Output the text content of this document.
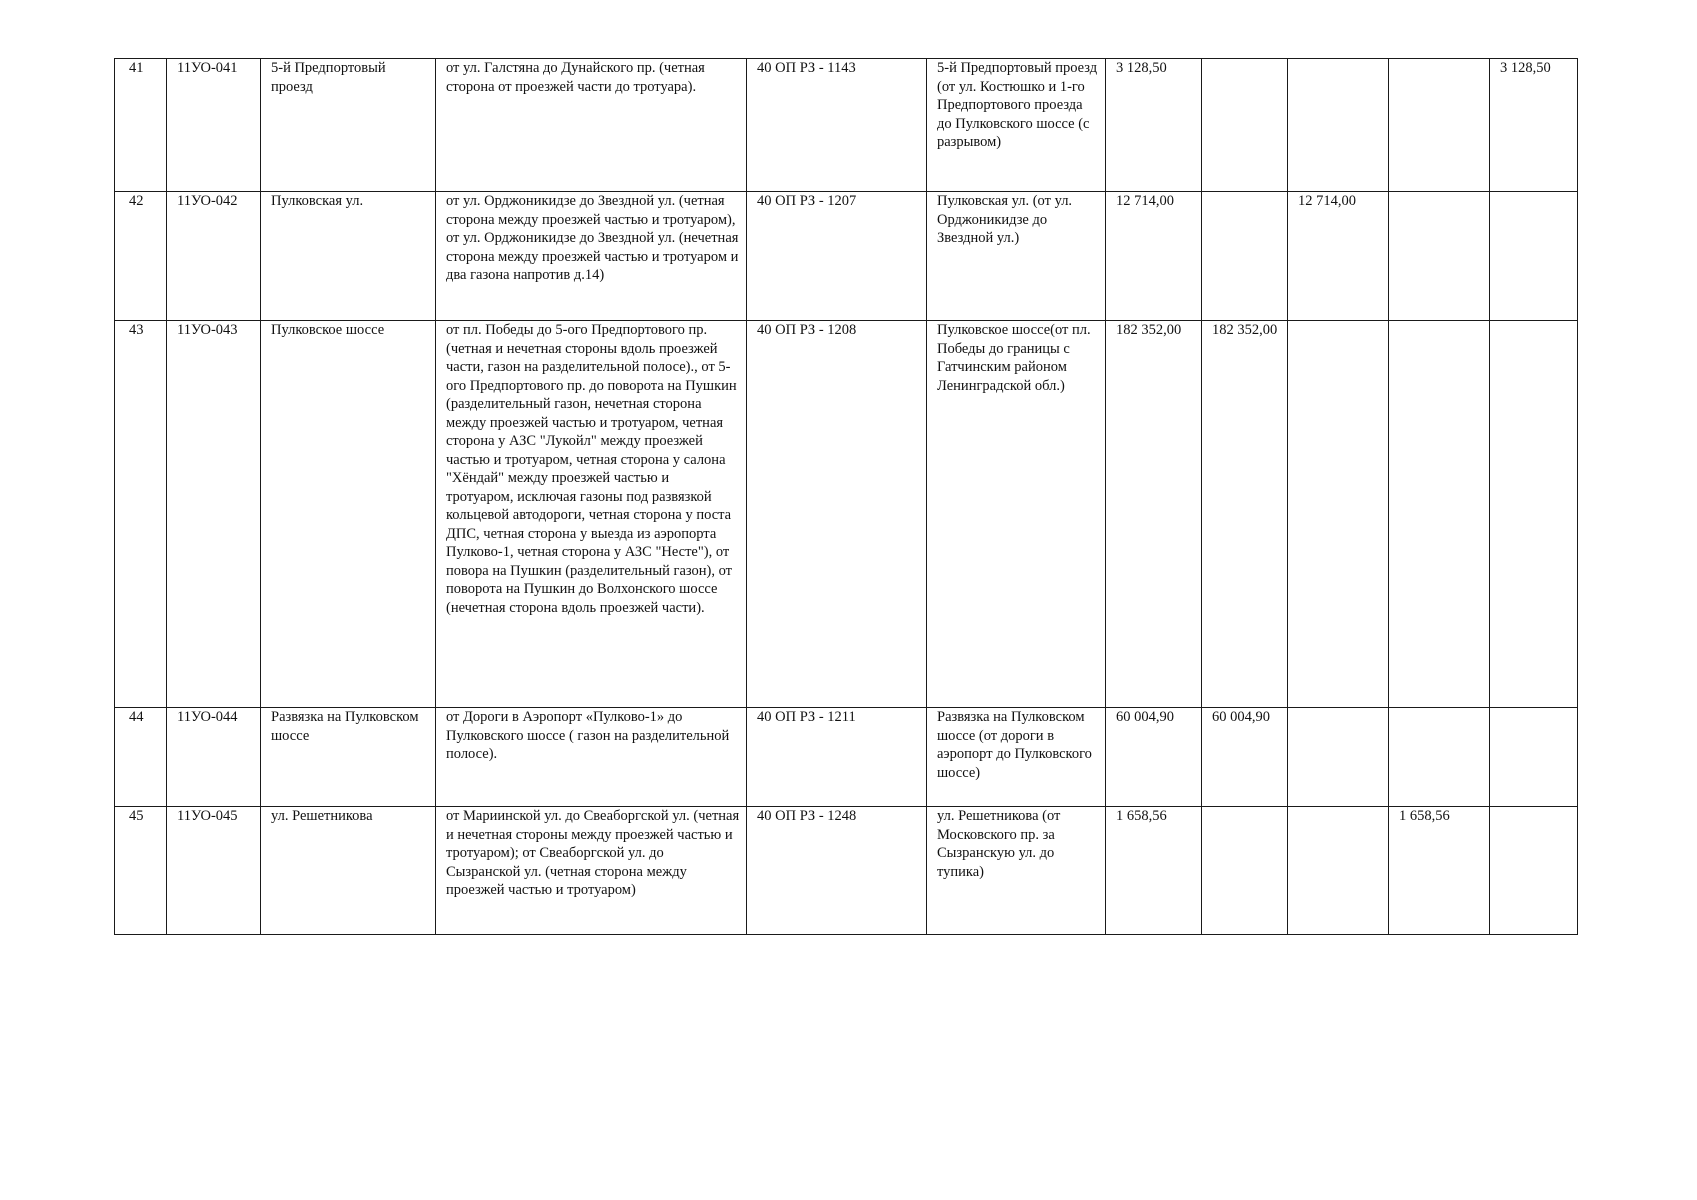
41	11УО-041	5-й Предпортовый проезд	от ул. Галстяна до Дунайского пр. (четная сторона от проезжей части до тротуара).	40 ОП РЗ - 1143	5-й Предпортовый проезд (от ул. Костюшко и 1-го Предпортового проезда до Пулковского шоссе (с разрывом)	3 128,50				3 128,50
42	11УО-042	Пулковская ул.	от ул. Орджоникидзе до Звездной ул. (четная сторона между проезжей частью и тротуаром), от ул. Орджоникидзе до Звездной ул. (нечетная сторона между проезжей частью и тротуаром и два газона напротив д.14)	40 ОП РЗ - 1207	Пулковская ул. (от ул. Орджоникидзе до Звездной ул.)	12 714,00		12 714,00		
43	11УО-043	Пулковское шоссе	от пл. Победы до 5-ого Предпортового пр.(четная и нечетная стороны вдоль проезжей части, газон на разделительной полосе)., от 5-ого Предпортового пр. до поворота на Пушкин (разделительный газон, нечетная сторона между проезжей частью и тротуаром, четная сторона у АЗС "Лукойл" между проезжей частью и тротуаром, четная сторона у салона "Хёндай" между проезжей частью и тротуаром, исключая газоны под развязкой кольцевой автодороги, четная сторона у поста ДПС, четная сторона у выезда из аэропорта Пулково-1, четная сторона у АЗС "Несте"), от повора на Пушкин (разделительный газон), от поворота на Пушкин до Волхонского шоссе (нечетная сторона вдоль проезжей части).	40 ОП РЗ - 1208	Пулковское шоссе(от пл. Победы до границы с Гатчинским районом Ленинградской обл.)	182 352,00	182 352,00			
44	11УО-044	Развязка на Пулковском шоссе	от Дороги в Аэропорт «Пулково-1» до Пулковского шоссе ( газон на разделительной полосе).	40 ОП РЗ - 1211	Развязка на Пулковском шоссе (от дороги в аэропорт до Пулковского шоссе)	60 004,90	60 004,90			
45	11УО-045	ул. Решетникова	от Мариинской ул. до Свеаборгской ул. (четная и нечетная стороны между проезжей частью и тротуаром); от Свеаборгской ул. до Сызранской ул. (четная сторона между проезжей частью и тротуаром)	40 ОП РЗ - 1248	ул. Решетникова (от Московского пр. за Сызранскую ул. до тупика)	1 658,56			1 658,56	
